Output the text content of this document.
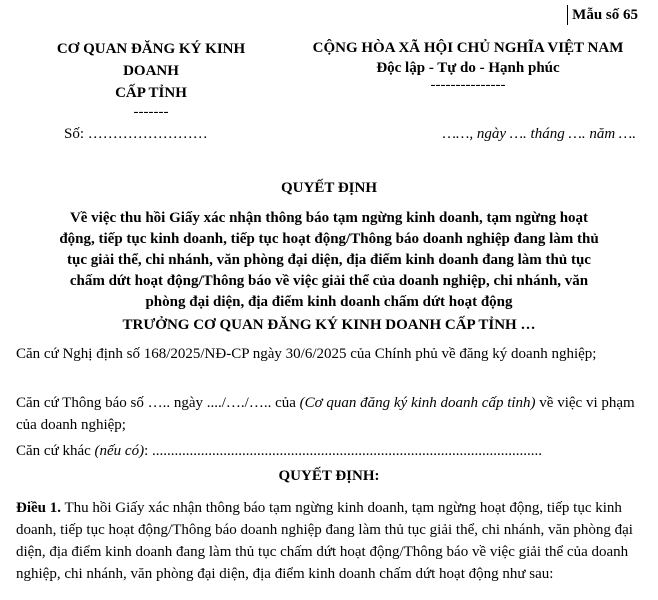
Mẫu số 65
CƠ QUAN ĐĂNG KÝ KINH
DOANH
CẤP TỈNH
-------
CỘNG HÒA XÃ HỘI CHỦ NGHĨA VIỆT NAM
Độc lập - Tự do - Hạnh phúc
---------------
Số: ……………………	……, ngày …. tháng …. năm ….
QUYẾT ĐỊNH
Về việc thu hồi Giấy xác nhận thông báo tạm ngừng kinh doanh, tạm ngừng hoạt
động, tiếp tục kinh doanh, tiếp tục hoạt động/Thông báo doanh nghiệp đang làm thủ
tục giải thể, chi nhánh, văn phòng đại diện, địa điểm kinh doanh đang làm thủ tục
chấm dứt hoạt động/Thông báo về việc giải thể của doanh nghiệp, chi nhánh, văn
phòng đại diện, địa điểm kinh doanh chấm dứt hoạt động
TRƯỞNG CƠ QUAN ĐĂNG KÝ KINH DOANH CẤP TỈNH …
Căn cứ Nghị định số 168/2025/NĐ-CP ngày 30/6/2025 của Chính phủ về đăng ký doanh nghiệp;
Căn cứ Thông báo số ….. ngày ..../…./….. của (Cơ quan đăng ký kinh doanh cấp tỉnh) về việc vi phạm của doanh nghiệp;
Căn cứ khác (nếu có): ........................................................................................................
QUYẾT ĐỊNH:
Điều 1. Thu hồi Giấy xác nhận thông báo tạm ngừng kinh doanh, tạm ngừng hoạt động, tiếp tục kinh doanh, tiếp tục hoạt động/Thông báo doanh nghiệp đang làm thủ tục giải thể, chi nhánh, văn phòng đại diện, địa điểm kinh doanh đang làm thủ tục chấm dứt hoạt động/Thông báo về việc giải thể của doanh nghiệp, chi nhánh, văn phòng đại diện, địa điểm kinh doanh chấm dứt hoạt động như sau:
